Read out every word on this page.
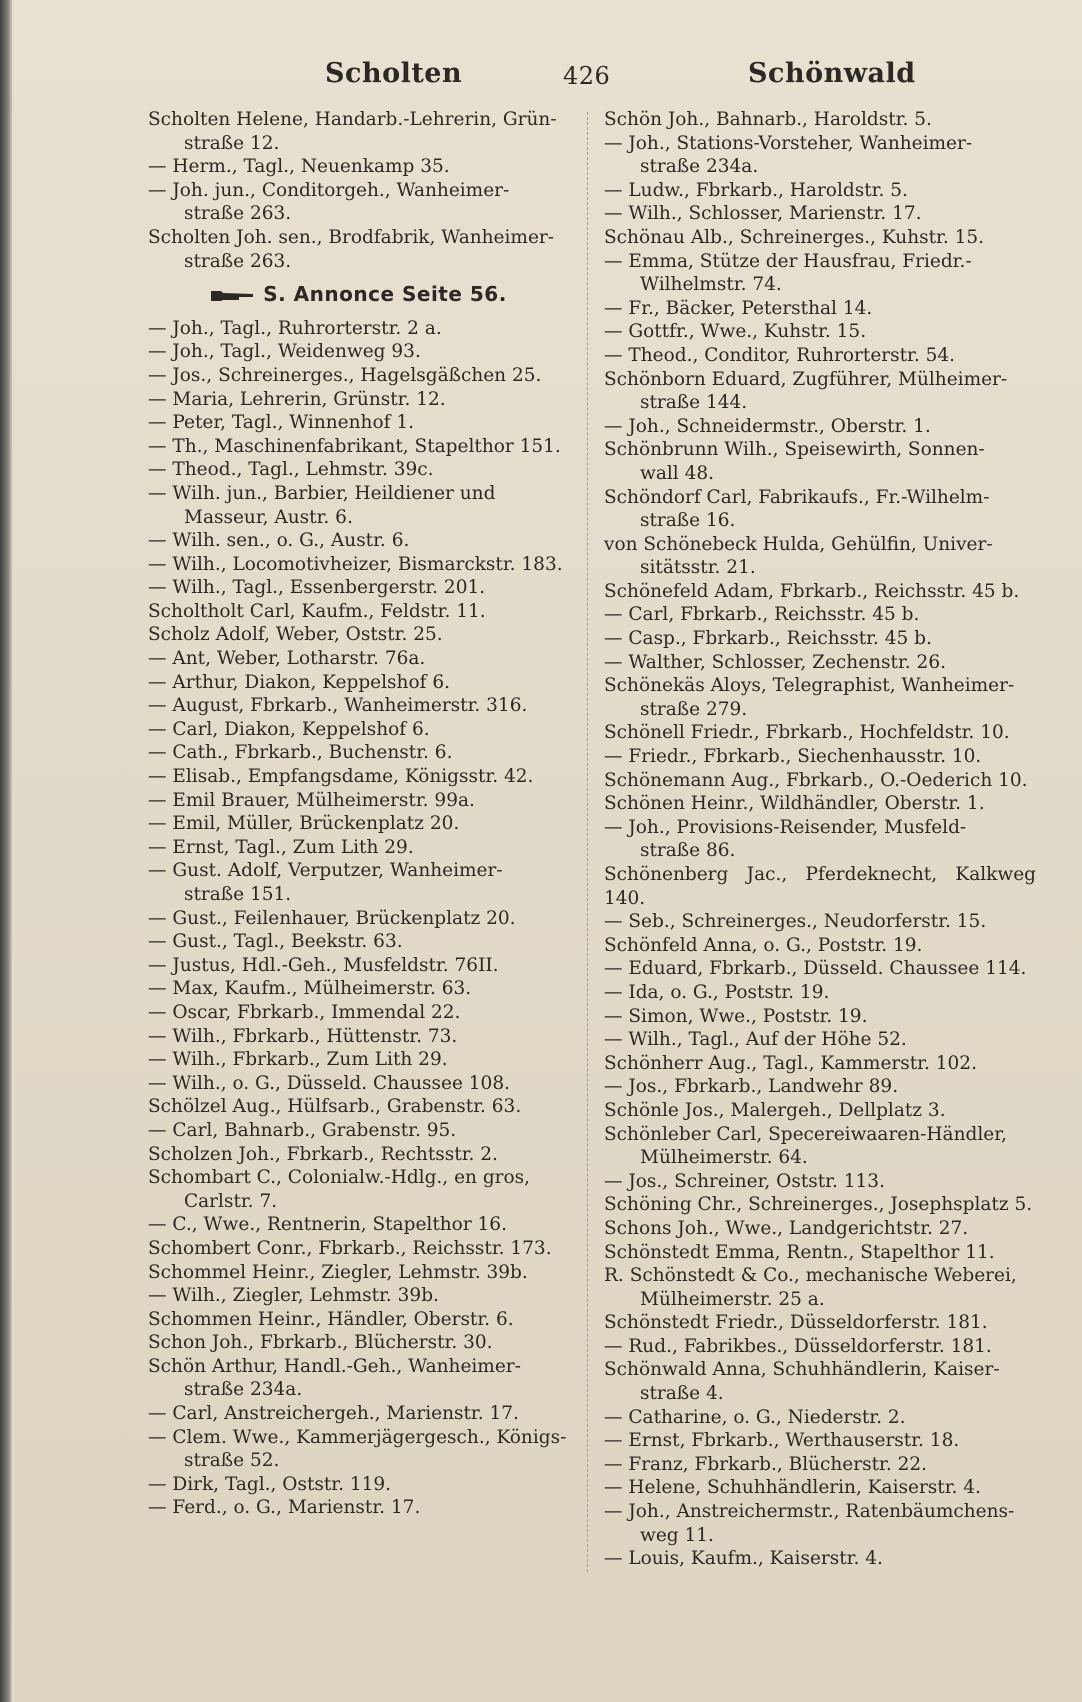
Scholten	426	Schönwald
Scholten Helene, Handarb.-Lehrerin, Grün-
straße 12.
— Herm., Tagl., Neuenkamp 35.
— Joh. jun., Conditorgeh., Wanheimer-
straße 263.
Scholten Joh. sen., Brodfabrik, Wanheimer-
straße 263.
S. Annonce Seite 56.
— Joh., Tagl., Ruhrorterstr. 2 a.
— Joh., Tagl., Weidenweg 93.
— Jos., Schreinerges., Hagelsgäßchen 25.
— Maria, Lehrerin, Grünstr. 12.
— Peter, Tagl., Winnenhof 1.
— Th., Maschinenfabrikant, Stapelthor 151.
— Theod., Tagl., Lehmstr. 39c.
— Wilh. jun., Barbier, Heildiener und
Masseur, Austr. 6.
— Wilh. sen., o. G., Austr. 6.
— Wilh., Locomotivheizer, Bismarckstr. 183.
— Wilh., Tagl., Essenbergerstr. 201.
Scholtholt Carl, Kaufm., Feldstr. 11.
Scholz Adolf, Weber, Oststr. 25.
— Ant, Weber, Lotharstr. 76a.
— Arthur, Diakon, Keppelshof 6.
— August, Fbrkarb., Wanheimerstr. 316.
— Carl, Diakon, Keppelshof 6.
— Cath., Fbrkarb., Buchenstr. 6.
— Elisab., Empfangsdame, Königsstr. 42.
— Emil Brauer, Mülheimerstr. 99a.
— Emil, Müller, Brückenplatz 20.
— Ernst, Tagl., Zum Lith 29.
— Gust. Adolf, Verputzer, Wanheimer-
straße 151.
— Gust., Feilenhauer, Brückenplatz 20.
— Gust., Tagl., Beekstr. 63.
— Justus, Hdl.-Geh., Musfeldstr. 76II.
— Max, Kaufm., Mülheimerstr. 63.
— Oscar, Fbrkarb., Immendal 22.
— Wilh., Fbrkarb., Hüttenstr. 73.
— Wilh., Fbrkarb., Zum Lith 29.
— Wilh., o. G., Düsseld. Chaussee 108.
Schölzel Aug., Hülfsarb., Grabenstr. 63.
— Carl, Bahnarb., Grabenstr. 95.
Scholzen Joh., Fbrkarb., Rechtsstr. 2.
Schombart C., Colonialw.-Hdlg., en gros,
Carlstr. 7.
— C., Wwe., Rentnerin, Stapelthor 16.
Schombert Conr., Fbrkarb., Reichsstr. 173.
Schommel Heinr., Ziegler, Lehmstr. 39b.
— Wilh., Ziegler, Lehmstr. 39b.
Schommen Heinr., Händler, Oberstr. 6.
Schon Joh., Fbrkarb., Blücherstr. 30.
Schön Arthur, Handl.-Geh., Wanheimer-
straße 234a.
— Carl, Anstreichergeh., Marienstr. 17.
— Clem. Wwe., Kammerjägergesch., Königs-
straße 52.
— Dirk, Tagl., Oststr. 119.
— Ferd., o. G., Marienstr. 17.
Schön Joh., Bahnarb., Haroldstr. 5.
— Joh., Stations-Vorsteher, Wanheimer-
straße 234a.
— Ludw., Fbrkarb., Haroldstr. 5.
— Wilh., Schlosser, Marienstr. 17.
Schönau Alb., Schreinerges., Kuhstr. 15.
— Emma, Stütze der Hausfrau, Friedr.-
Wilhelmstr. 74.
— Fr., Bäcker, Petersthal 14.
— Gottfr., Wwe., Kuhstr. 15.
— Theod., Conditor, Ruhrorterstr. 54.
Schönborn Eduard, Zugführer, Mülheimer-
straße 144.
— Joh., Schneidermstr., Oberstr. 1.
Schönbrunn Wilh., Speisewirth, Sonnen-
wall 48.
Schöndorf Carl, Fabrikaufs., Fr.-Wilhelm-
straße 16.
von Schönebeck Hulda, Gehülfin, Univer-
sitätsstr. 21.
Schönefeld Adam, Fbrkarb., Reichsstr. 45 b.
— Carl, Fbrkarb., Reichsstr. 45 b.
— Casp., Fbrkarb., Reichsstr. 45 b.
— Walther, Schlosser, Zechenstr. 26.
Schönekäs Aloys, Telegraphist, Wanheimer-
straße 279.
Schönell Friedr., Fbrkarb., Hochfeldstr. 10.
— Friedr., Fbrkarb., Siechenhausstr. 10.
Schönemann Aug., Fbrkarb., O.-Oederich 10.
Schönen Heinr., Wildhändler, Oberstr. 1.
— Joh., Provisions-Reisender, Musfeld-
straße 86.
Schönenberg Jac., Pferdeknecht, Kalkweg 140.
— Seb., Schreinerges., Neudorferstr. 15.
Schönfeld Anna, o. G., Poststr. 19.
— Eduard, Fbrkarb., Düsseld. Chaussee 114.
— Ida, o. G., Poststr. 19.
— Simon, Wwe., Poststr. 19.
— Wilh., Tagl., Auf der Höhe 52.
Schönherr Aug., Tagl., Kammerstr. 102.
— Jos., Fbrkarb., Landwehr 89.
Schönle Jos., Malergeh., Dellplatz 3.
Schönleber Carl, Specereiwaaren-Händler,
Mülheimerstr. 64.
— Jos., Schreiner, Oststr. 113.
Schöning Chr., Schreinerges., Josephsplatz 5.
Schons Joh., Wwe., Landgerichtstr. 27.
Schönstedt Emma, Rentn., Stapelthor 11.
R. Schönstedt & Co., mechanische Weberei,
Mülheimerstr. 25 a.
Schönstedt Friedr., Düsseldorferstr. 181.
— Rud., Fabrikbes., Düsseldorferstr. 181.
Schönwald Anna, Schuhhändlerin, Kaiser-
straße 4.
— Catharine, o. G., Niederstr. 2.
— Ernst, Fbrkarb., Werthauserstr. 18.
— Franz, Fbrkarb., Blücherstr. 22.
— Helene, Schuhhändlerin, Kaiserstr. 4.
— Joh., Anstreichermstr., Ratenbäumchens-
weg 11.
— Louis, Kaufm., Kaiserstr. 4.
